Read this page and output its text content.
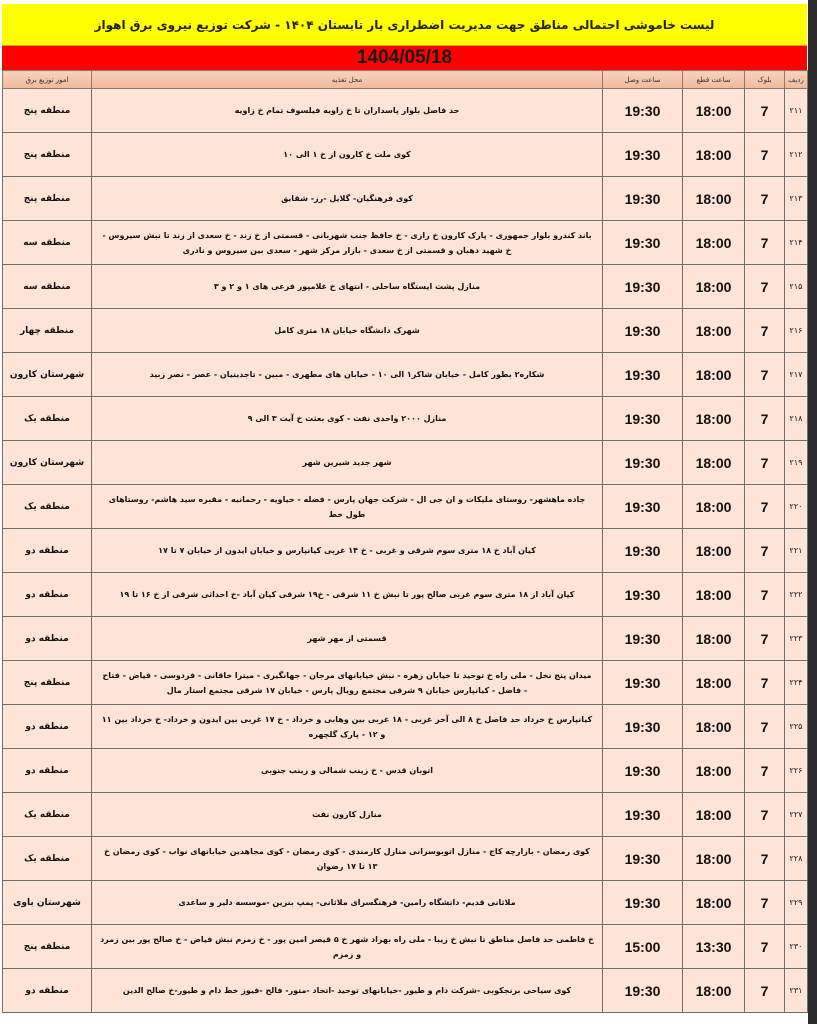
لیست خاموشی احتمالی مناطق جهت مدیریت اضطراری بار تابستان ۱۴۰۴ - شرکت توزیع نیروی برق اهواز
1404/05/18
ردیف	بلوک	ساعت قطع	ساعت وصل	محل تغذیه	امور توزیع برق
۲۱۱	7	18:00	19:30	حد فاصل بلوار پاسداران تا خ زاویه فیلسوف تمام خ زاویه	منطقه پنج
۲۱۲	7	18:00	19:30	کوی ملت خ کارون از خ ۱ الی ۱۰	منطقه پنج
۲۱۳	7	18:00	19:30	کوی فرهنگیان- گلایل -رز- شقایق	منطقه پنج
۲۱۴	7	18:00	19:30	باند کندرو بلوار جمهوری - پارک کارون خ رازی - خ حافظ جنب شهربانی - قسمتی از خ زند - خ سعدی از زند تا نبش سیروس - خ شهید دهبان و قسمتی از خ سعدی - بازار مرکز شهر - سعدی بین سیروس و نادری	منطقه سه
۲۱۵	7	18:00	19:30	منازل پشت ایستگاه ساحلی - انتهای خ غلامپور فرعی های ۱ و ۲ و ۳	منطقه سه
۲۱۶	7	18:00	19:30	شهرک دانشگاه خیابان ۱۸ متری کامل	منطقه چهار
۲۱۷	7	18:00	19:30	شکاره۲ بطور کامل - خیابان شاکر۱ الی ۱۰ - خیابان های مطهری - مبین - تاجدینیان - عصر - نصر زبید	شهرستان کارون
۲۱۸	7	18:00	19:30	منازل ۲۰۰۰ واحدی نفت - کوی بعثت خ آیت ۳ الی ۹	منطقه یک
۲۱۹	7	18:00	19:30	شهر جدید شیرین شهر	شهرستان کارون
۲۲۰	7	18:00	19:30	جاده ماهشهر- روستای ملیکات و ان جی ال - شرکت جهان پارس - فضله - حیاویه - رحمانیه - مقبره سید هاشم- روستاهای طول خط	منطقه یک
۲۲۱	7	18:00	19:30	کیان آباد خ ۱۸ متری سوم شرقی و غربی - خ ۱۴ غربی کیانپارس و خیابان ایدون از خیابان ۷ تا ۱۷	منطقه دو
۲۲۲	7	18:00	19:30	کیان آباد از ۱۸ متری سوم غربی صالح پور تا نبش خ ۱۱ شرقی - خ۱۹ شرقی کیان آباد -خ احداثی شرقی از خ ۱۶ تا ۱۹	منطقه دو
۲۲۳	7	18:00	19:30	قسمتی از مهر شهر	منطقه دو
۲۲۴	7	18:00	19:30	میدان پنج نخل - ملی راه خ توحید تا خیابان زهره - نبش خیابانهای مرجان - جهانگیری - میترا خاقانی - فردوسی - فیاض - فتاح - فاضل - کیانپارس خیابان ۹ شرقی مجتمع رویال پارس - خیابان ۱۷ شرقی مجتمع استار مال	منطقه پنج
۲۲۵	7	18:00	19:30	کیانپارس خ خرداد حد فاصل خ ۸ الی آخر غربی - ۱۸ غربی بین وهابی و خرداد - خ ۱۷ غربی بین ایدون و خرداد- خ خرداد بین ۱۱ و ۱۲ - پارک گلچهره	منطقه دو
۲۲۶	7	18:00	19:30	اتوبان قدس - خ زینب شمالی و زینب جنوبی	منطقه دو
۲۲۷	7	18:00	19:30	منازل کارون نفت	منطقه یک
۲۲۸	7	18:00	19:30	کوی رمضان - بازارچه کاج - منازل اتوبوسرانی منازل کارمندی - کوی رمضان - کوی مجاهدین خیابانهای نواب - کوی رمضان خ ۱۳ تا ۱۷ رضوان	منطقه یک
۲۲۹	7	18:00	19:30	ملاثانی قدیم- دانشگاه رامین- فرهنگسرای ملاثانی- پمپ بنزین -موسسه دلیر و ساعدی	شهرستان باوی
۲۳۰	7	13:30	15:00	خ فاطمی حد فاصل مناطق تا نبش خ زیبا - ملی راه بهزاد شهر خ ۵ قیصر امین پور - خ زمزم نبش فیاض - خ صالح پور بین زمرد و زمزم	منطقه پنج
۲۳۱	7	18:00	19:30	کوی سیاحی برنجکوبی -شرکت دام و طیور -خیابانهای توحید -اتحاد -متور- فالح -فیوز خط دام و طیور-خ صالح الدین	منطقه دو
